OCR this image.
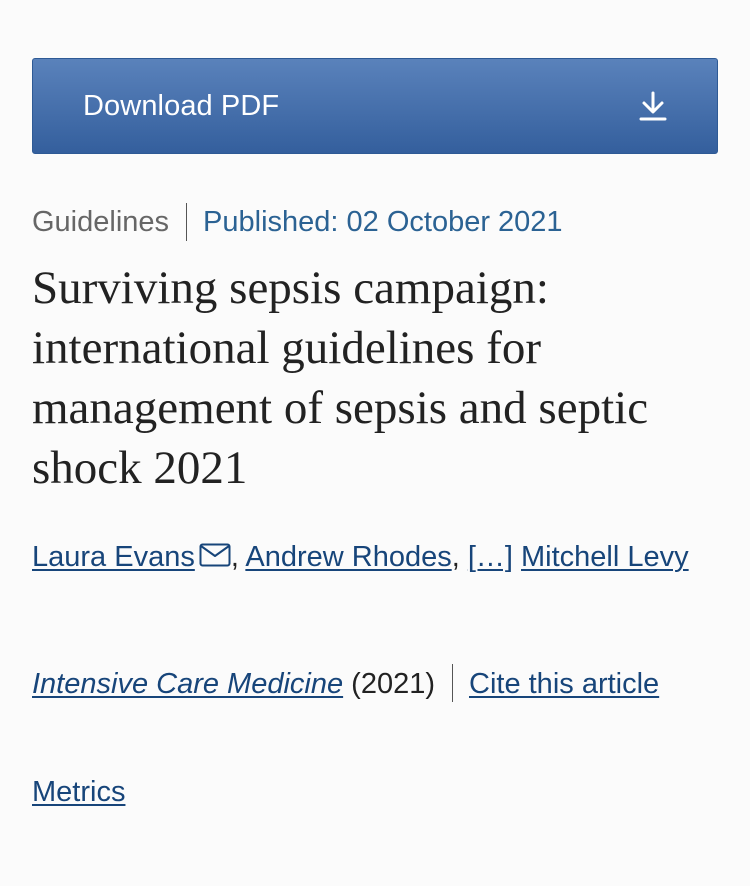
Download PDF
Guidelines Published: 02 October 2021
Surviving sepsis campaign: international guidelines for management of sepsis and septic shock 2021
Laura Evans , Andrew Rhodes, […] Mitchell Levy
Intensive Care Medicine (2021) Cite this article
Metrics
